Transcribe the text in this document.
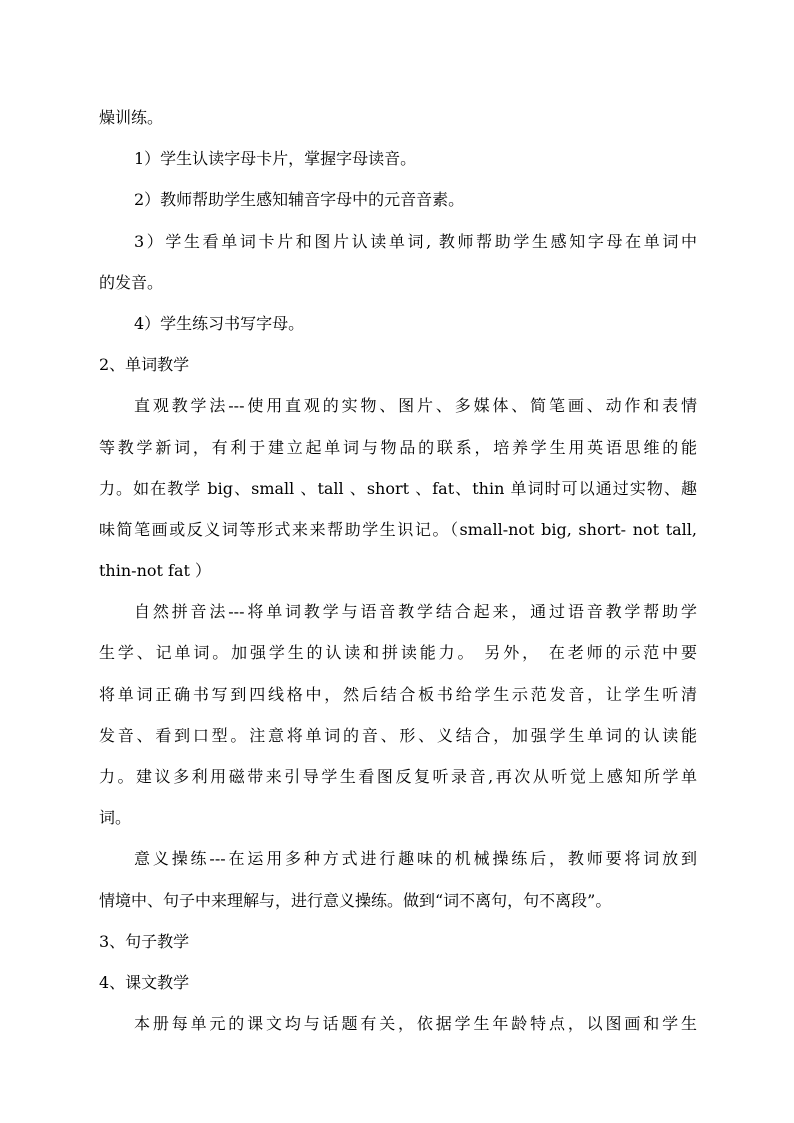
燥训练。
1）学生认读字母卡片，掌握字母读音。
2）教师帮助学生感知辅音字母中的元音音素。
3）学生看单词卡片和图片认读单词, 教师帮助学生感知字母在单词中
的发音。
4）学生练习书写字母。
2、单词教学
直观教学法---使用直观的实物、图片、多媒体、简笔画、动作和表情
等教学新词，有利于建立起单词与物品的联系，培养学生用英语思维的能
力。如在教学 big、small 、tall 、short 、fat、thin 单词时可以通过实物、趣
味简笔画或反义词等形式来来帮助学生识记。（small-not big, short- not tall,
thin-not fat ）
自然拼音法---将单词教学与语音教学结合起来，通过语音教学帮助学
生学、记单词。加强学生的认读和拼读能力。 另外， 在老师的示范中要
将单词正确书写到四线格中，然后结合板书给学生示范发音，让学生听清
发音、看到口型。注意将单词的音、形、义结合，加强学生单词的认读能
力。建议多利用磁带来引导学生看图反复听录音,再次从听觉上感知所学单
词。
意义操练---在运用多种方式进行趣味的机械操练后，教师要将词放到
情境中、句子中来理解与，进行意义操练。做到“词不离句，句不离段”。
3、句子教学
4、课文教学
本册每单元的课文均与话题有关，依据学生年龄特点，以图画和学生
